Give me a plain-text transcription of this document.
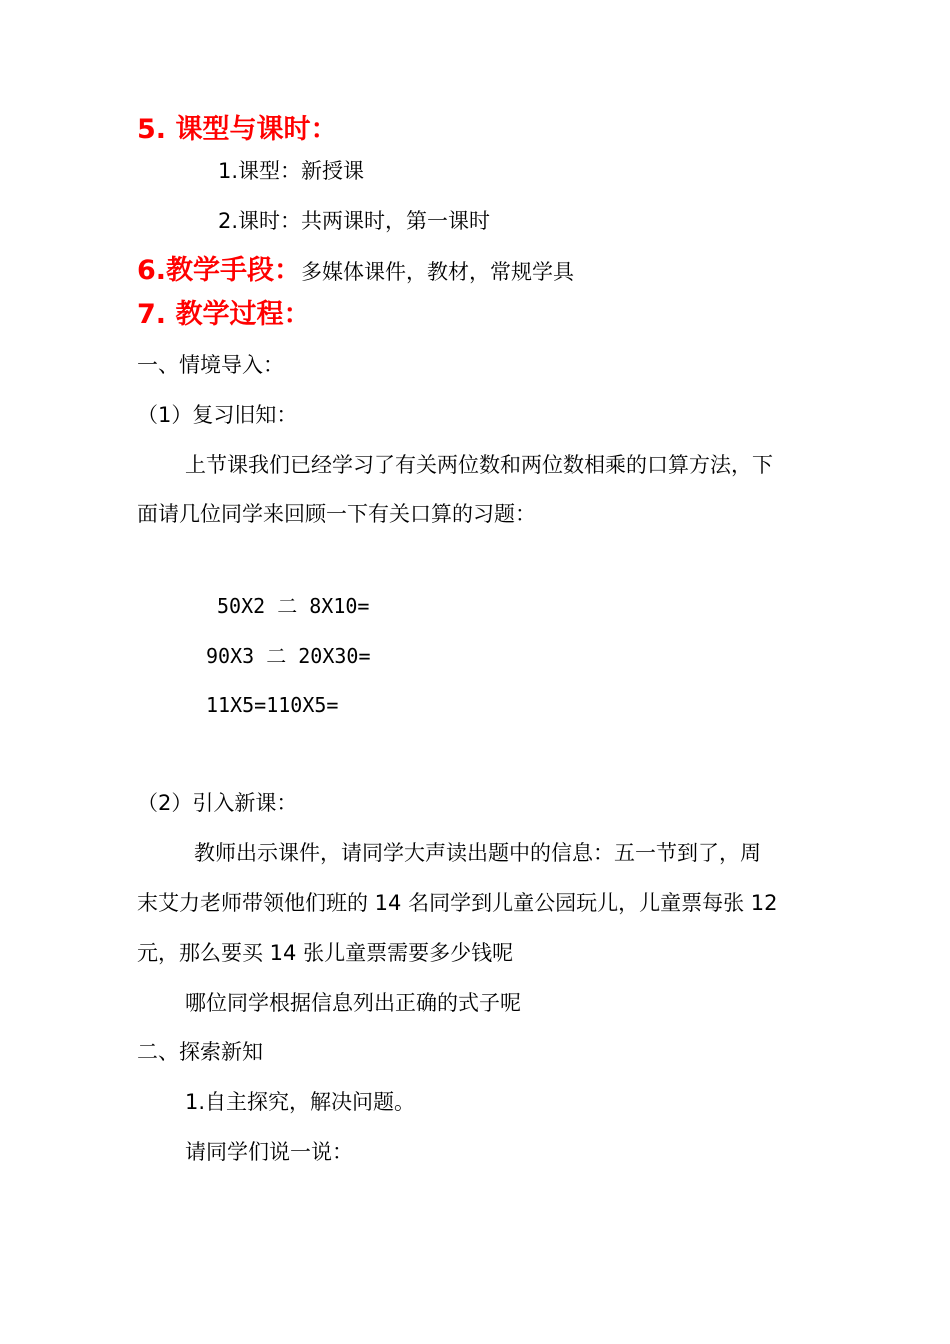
5. 课型与课时：
1.课型：新授课
2.课时：共两课时，第一课时
6.教学手段：多媒体课件，教材，常规学具
7. 教学过程：
一、情境导入：
（1）复习旧知：
上节课我们已经学习了有关两位数和两位数相乘的口算方法，下
面请几位同学来回顾一下有关口算的习题：
50X2 二 8X10=
90X3 二 20X30=
11X5=110X5=
（2）引入新课：
教师出示课件，请同学大声读出题中的信息：五一节到了，周
末艾力老师带领他们班的 14 名同学到儿童公园玩儿，儿童票每张 12
元，那么要买 14 张儿童票需要多少钱呢
哪位同学根据信息列出正确的式子呢
二、探索新知
1.自主探究，解决问题。
请同学们说一说：
